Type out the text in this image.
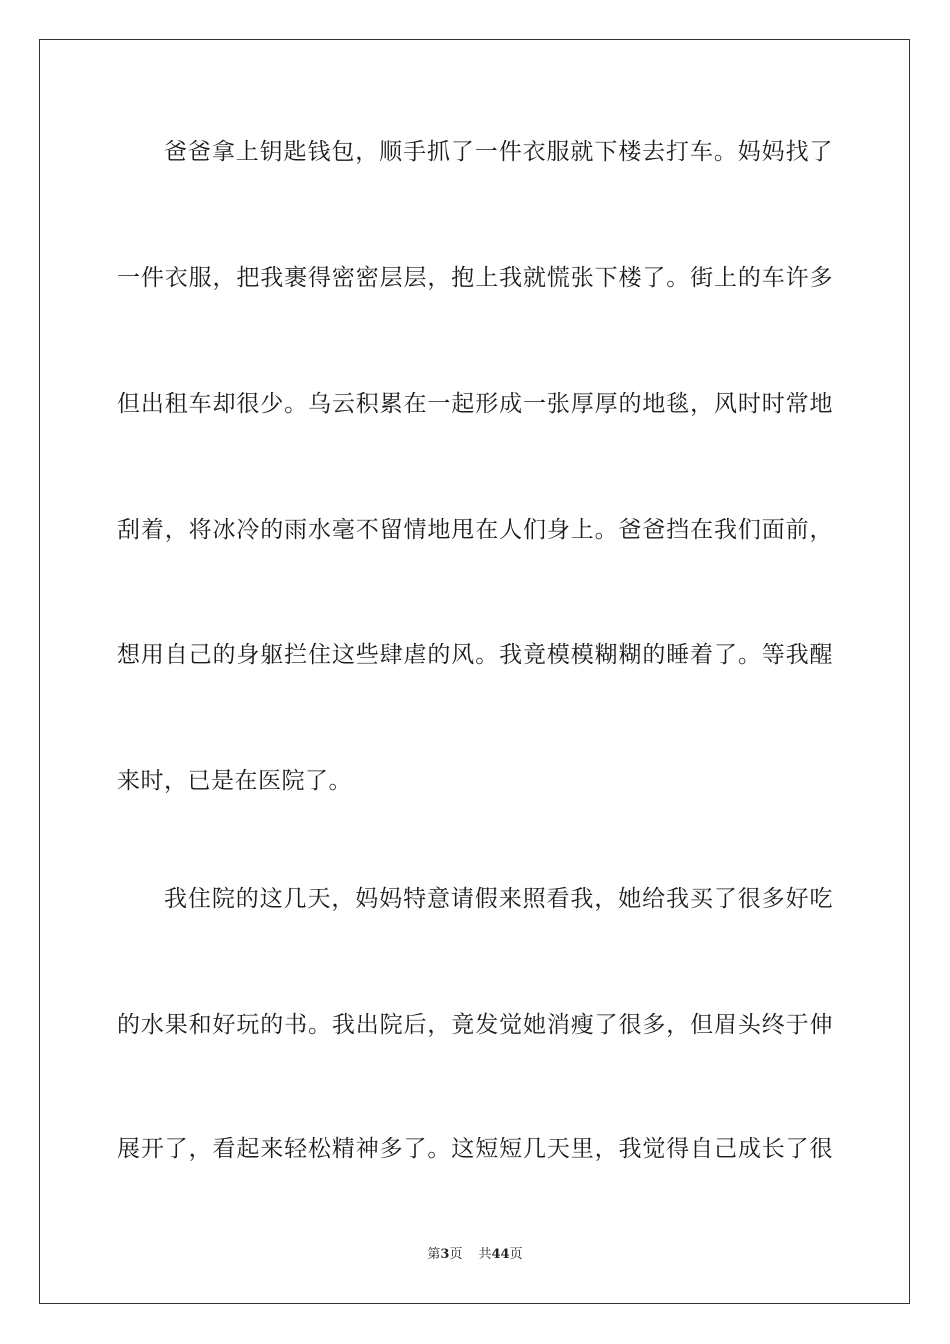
爸爸拿上钥匙钱包，顺手抓了一件衣服就下楼去打车。妈妈找了
一件衣服，把我裹得密密层层，抱上我就慌张下楼了。街上的车许多
但出租车却很少。乌云积累在一起形成一张厚厚的地毯，风时时常地
刮着，将冰冷的雨水毫不留情地甩在人们身上。爸爸挡在我们面前，
想用自己的身躯拦住这些肆虐的风。我竟模模糊糊的睡着了。等我醒
来时，已是在医院了。
我住院的这几天，妈妈特意请假来照看我，她给我买了很多好吃
的水果和好玩的书。我出院后，竟发觉她消瘦了很多，但眉头终于伸
展开了，看起来轻松精神多了。这短短几天里，我觉得自己成长了很
第3页 共44页
